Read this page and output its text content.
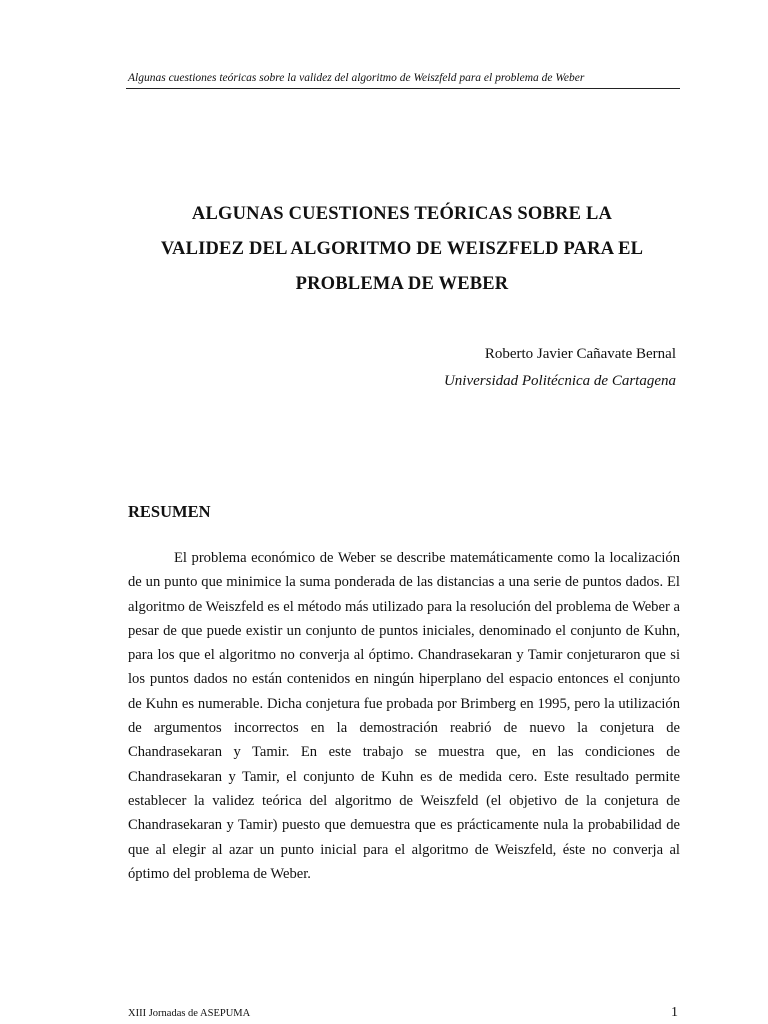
Algunas cuestiones teóricas sobre la validez del algoritmo de Weiszfeld para el problema de Weber
ALGUNAS CUESTIONES TEÓRICAS SOBRE LA
VALIDEZ DEL ALGORITMO DE WEISZFELD PARA EL
PROBLEMA DE WEBER
Roberto Javier Cañavate Bernal
Universidad Politécnica de Cartagena
RESUMEN

El problema económico de Weber se describe matemáticamente como la localización de un punto que minimice la suma ponderada de las distancias a una serie de puntos dados. El algoritmo de Weiszfeld es el método más utilizado para la resolución del problema de Weber a pesar de que puede existir un conjunto de puntos iniciales, denominado el conjunto de Kuhn, para los que el algoritmo no converja al óptimo. Chandrasekaran y Tamir conjeturaron que si los puntos dados no están contenidos en ningún hiperplano del espacio entonces el conjunto de Kuhn es numerable. Dicha conjetura fue probada por Brimberg en 1995, pero la utilización de argumentos incorrectos en la demostración reabrió de nuevo la conjetura de Chandrasekaran y Tamir. En este trabajo se muestra que, en las condiciones de Chandrasekaran y Tamir, el conjunto de Kuhn es de medida cero. Este resultado permite establecer la validez teórica del algoritmo de Weiszfeld (el objetivo de la conjetura de Chandrasekaran y Tamir) puesto que demuestra que es prácticamente nula la probabilidad de que al elegir al azar un punto inicial para el algoritmo de Weiszfeld, éste no converja al óptimo del problema de Weber.

XIII Jornadas de ASEPUMA	1
